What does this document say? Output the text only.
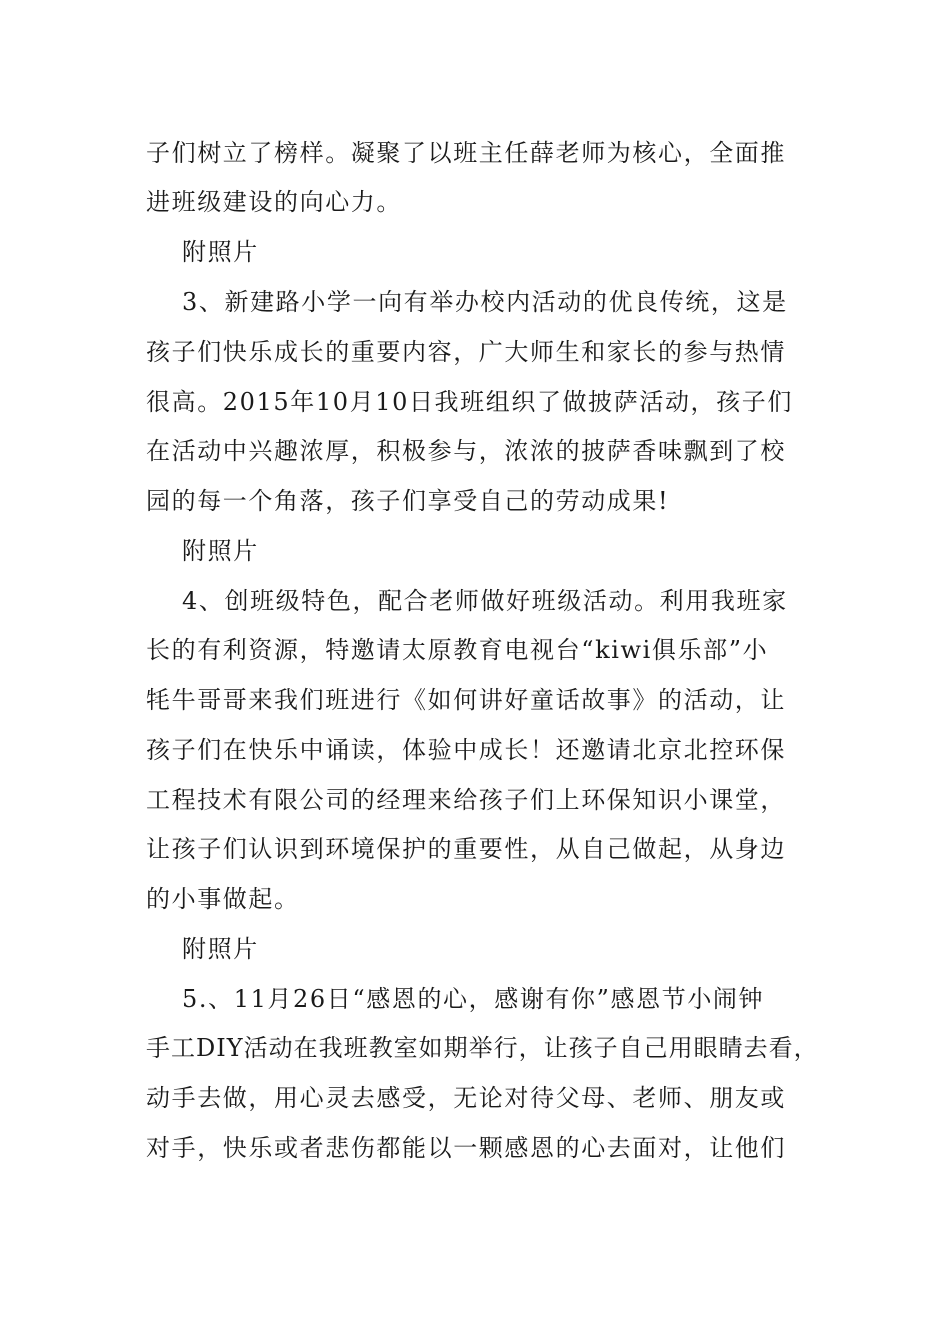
子们树立了榜样。凝聚了以班主任薛老师为核心，全面推
进班级建设的向心力。
附照片
3、新建路小学一向有举办校内活动的优良传统，这是
孩子们快乐成长的重要内容，广大师生和家长的参与热情
很高。2015年10月10日我班组织了做披萨活动，孩子们
在活动中兴趣浓厚，积极参与，浓浓的披萨香味飘到了校
园的每一个角落，孩子们享受自己的劳动成果!
附照片
4、创班级特色，配合老师做好班级活动。利用我班家
长的有利资源，特邀请太原教育电视台“kiwi俱乐部”小
牦牛哥哥来我们班进行《如何讲好童话故事》的活动，让
孩子们在快乐中诵读，体验中成长！还邀请北京北控环保
工程技术有限公司的经理来给孩子们上环保知识小课堂，
让孩子们认识到环境保护的重要性，从自己做起，从身边
的小事做起。
附照片
5.、11月26日“感恩的心，感谢有你”感恩节小闹钟
手工DIY活动在我班教室如期举行，让孩子自己用眼睛去看，
动手去做，用心灵去感受，无论对待父母、老师、朋友或
对手，快乐或者悲伤都能以一颗感恩的心去面对，让他们
